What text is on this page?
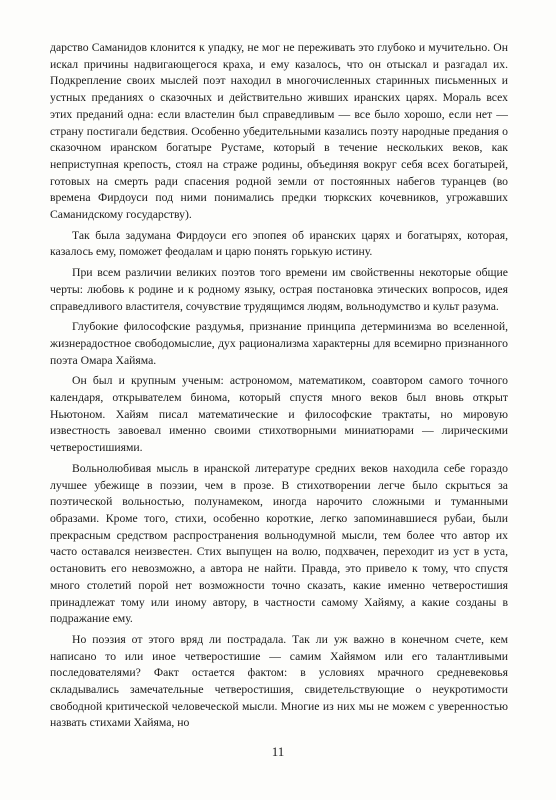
дарство Саманидов клонится к упадку, не мог не переживать это глубоко и мучительно. Он искал причины надвигающегося краха, и ему казалось, что он отыскал и разгадал их. Подкрепление своих мыслей поэт находил в многочисленных старинных письменных и устных преданиях о сказочных и действительно живших иранских царях. Мораль всех этих преданий одна: если властелин был справедливым — все было хорошо, если нет — страну постигали бедствия. Особенно убедительными казались поэту народные предания о сказочном иранском богатыре Рустаме, который в течение нескольких веков, как неприступная крепость, стоял на страже родины, объединяя вокруг себя всех богатырей, готовых на смерть ради спасения родной земли от постоянных набегов туранцев (во времена Фирдоуси под ними понимались предки тюркских кочевников, угрожавших Саманидскому государству).

Так была задумана Фирдоуси его эпопея об иранских царях и богатырях, которая, казалось ему, поможет феодалам и царю понять горькую истину.

При всем различии великих поэтов того времени им свойственны некоторые общие черты: любовь к родине и к родному языку, острая постановка этических вопросов, идея справедливого властителя, сочувствие трудящимся людям, вольнодумство и культ разума.

Глубокие философские раздумья, признание принципа детерминизма во вселенной, жизнерадостное свободомыслие, дух рационализма характерны для всемирно признанного поэта Омара Хайяма.

Он был и крупным ученым: астрономом, математиком, соавтором самого точного календаря, открывателем бинома, который спустя много веков был вновь открыт Ньютоном. Хайям писал математические и философские трактаты, но мировую известность завоевал именно своими стихотворными миниатюрами — лирическими четверостишиями.

Вольнолюбивая мысль в иранской литературе средних веков находила себе гораздо лучшее убежище в поэзии, чем в прозе. В стихотворении легче было скрыться за поэтической вольностью, полунамеком, иногда нарочито сложными и туманными образами. Кроме того, стихи, особенно короткие, легко запоминавшиеся рубаи, были прекрасным средством распространения вольнодумной мысли, тем более что автор их часто оставался неизвестен. Стих выпущен на волю, подхвачен, переходит из уст в уста, остановить его невозможно, а автора не найти. Правда, это привело к тому, что спустя много столетий порой нет возможности точно сказать, какие именно четверостишия принадлежат тому или иному автору, в частности самому Хайяму, а какие созданы в подражание ему.

Но поэзия от этого вряд ли пострадала. Так ли уж важно в конечном счете, кем написано то или иное четверостишие — самим Хайямом или его талантливыми последователями? Факт остается фактом: в условиях мрачного средневековья складывались замечательные четверостишия, свидетельствующие о неукротимости свободной критической человеческой мысли. Многие из них мы не можем с уверенностью назвать стихами Хайяма, но

11
